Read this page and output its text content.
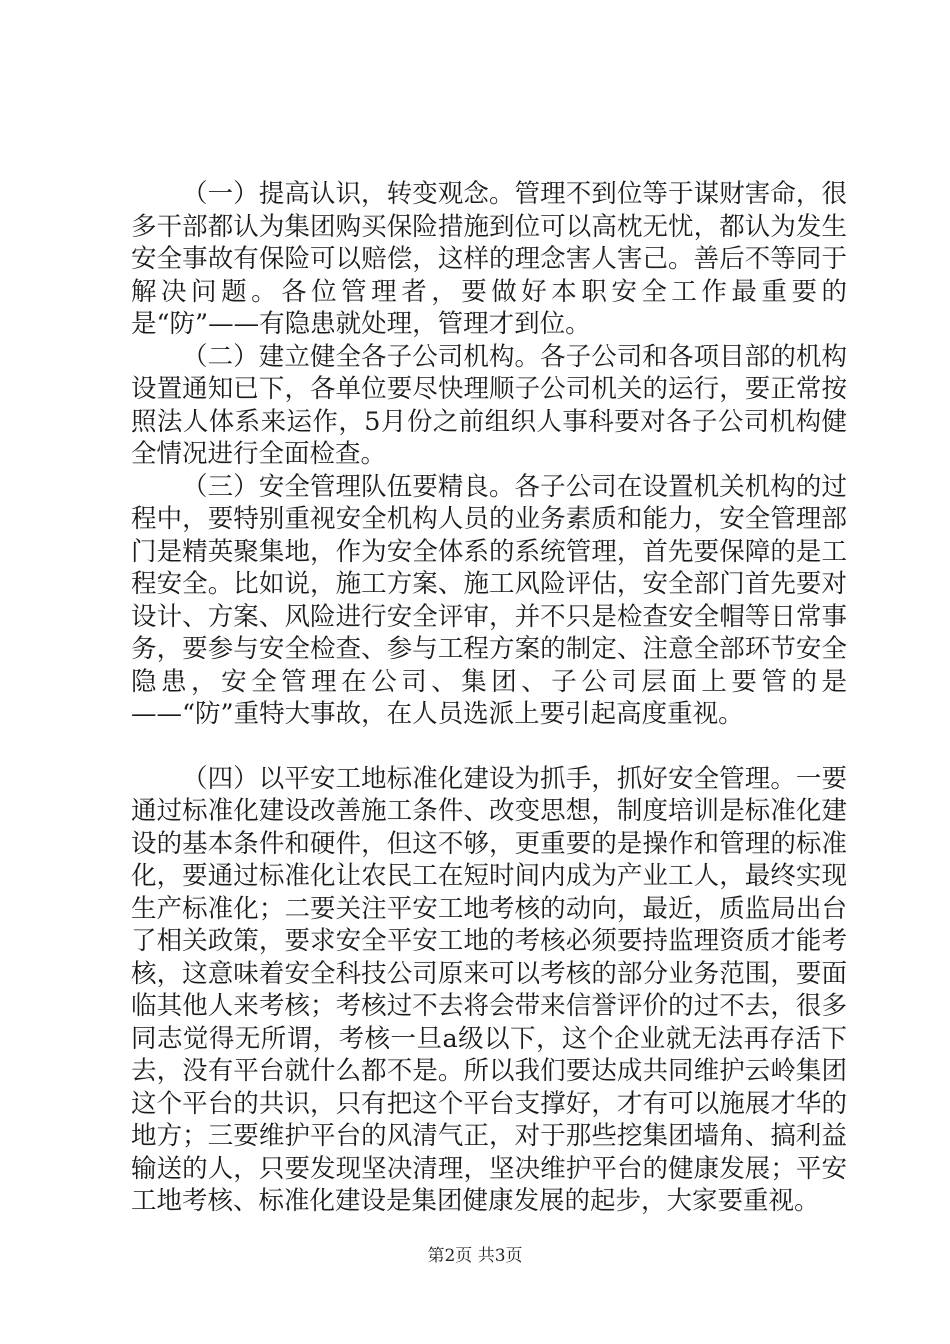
（一）提高认识，转变观念。管理不到位等于谋财害命，很多干部都认为集团购买保险措施到位可以高枕无忧，都认为发生安全事故有保险可以赔偿，这样的理念害人害己。善后不等同于解决问题。各位管理者，要做好本职安全工作最重要的是“防”——有隐患就处理，管理才到位。

（二）建立健全各子公司机构。各子公司和各项目部的机构设置通知已下，各单位要尽快理顺子公司机关的运行，要正常按照法人体系来运作，5月份之前组织人事科要对各子公司机构健全情况进行全面检查。

（三）安全管理队伍要精良。各子公司在设置机关机构的过程中，要特别重视安全机构人员的业务素质和能力，安全管理部门是精英聚集地，作为安全体系的系统管理，首先要保障的是工程安全。比如说，施工方案、施工风险评估，安全部门首先要对设计、方案、风险进行安全评审，并不只是检查安全帽等日常事务，要参与安全检查、参与工程方案的制定、注意全部环节安全隐患，安全管理在公司、集团、子公司层面上要管的是——“防”重特大事故，在人员选派上要引起高度重视。

（四）以平安工地标准化建设为抓手，抓好安全管理。一要通过标准化建设改善施工条件、改变思想，制度培训是标准化建设的基本条件和硬件，但这不够，更重要的是操作和管理的标准化，要通过标准化让农民工在短时间内成为产业工人，最终实现生产标准化；二要关注平安工地考核的动向，最近，质监局出台了相关政策，要求安全平安工地的考核必须要持监理资质才能考核，这意味着安全科技公司原来可以考核的部分业务范围，要面临其他人来考核；考核过不去将会带来信誉评价的过不去，很多同志觉得无所谓，考核一旦a级以下，这个企业就无法再存活下去，没有平台就什么都不是。所以我们要达成共同维护云岭集团这个平台的共识，只有把这个平台支撑好，才有可以施展才华的地方；三要维护平台的风清气正，对于那些挖集团墙角、搞利益输送的人，只要发现坚决清理，坚决维护平台的健康发展；平安工地考核、标准化建设是集团健康发展的起步，大家要重视。

第2页 共3页
